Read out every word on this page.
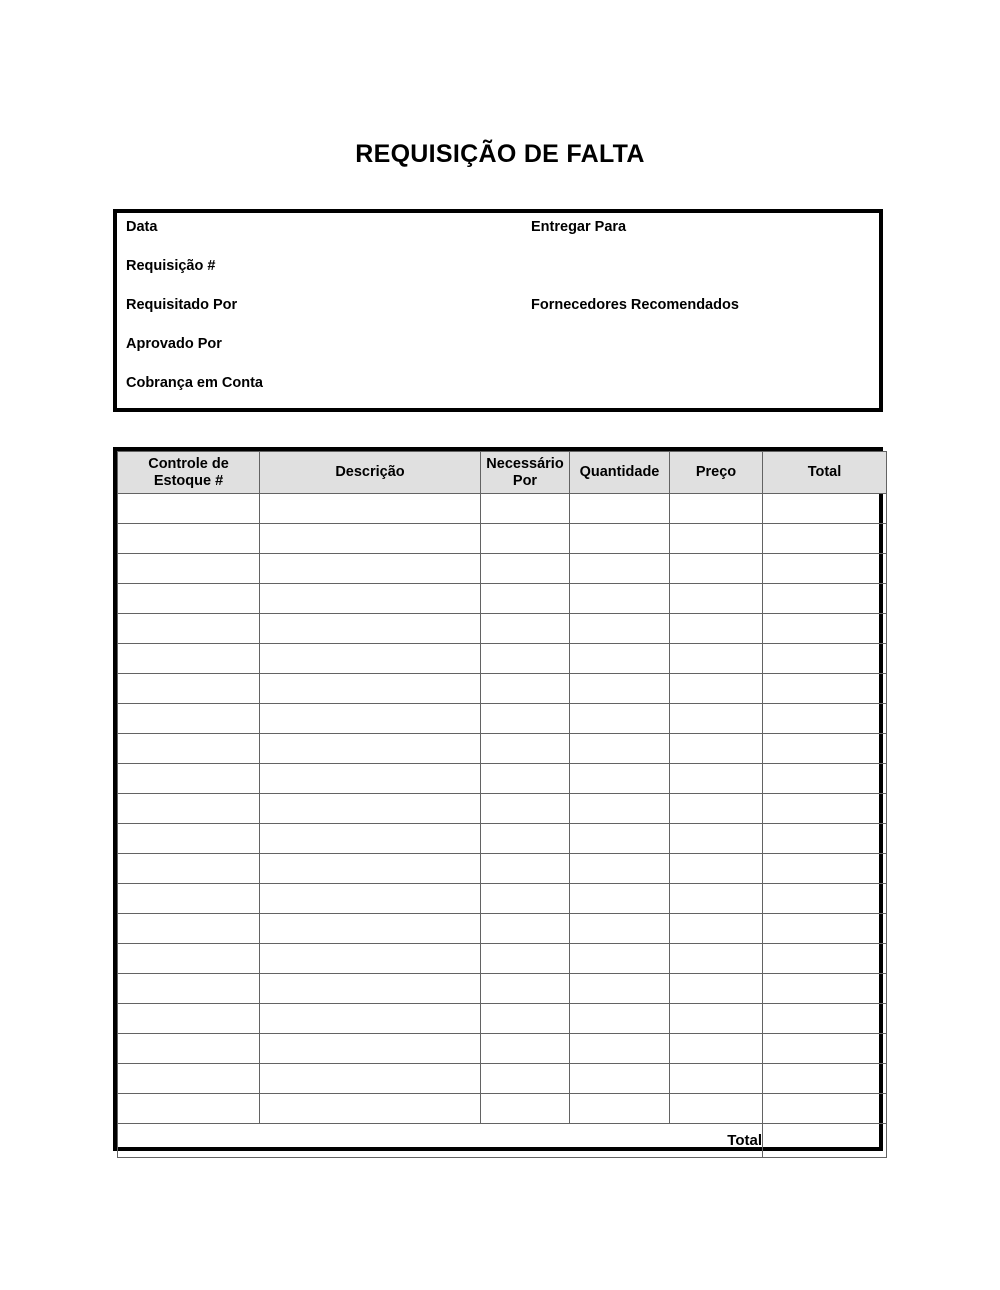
REQUISIÇÃO DE FALTA
Data	Entregar Para
Requisição #	
Requisitado Por	Fornecedores Recomendados
Aprovado Por	
Cobrança em Conta	
Controle de Estoque #	Descrição	Necessário Por	Quantidade	Preço	Total

Total					
